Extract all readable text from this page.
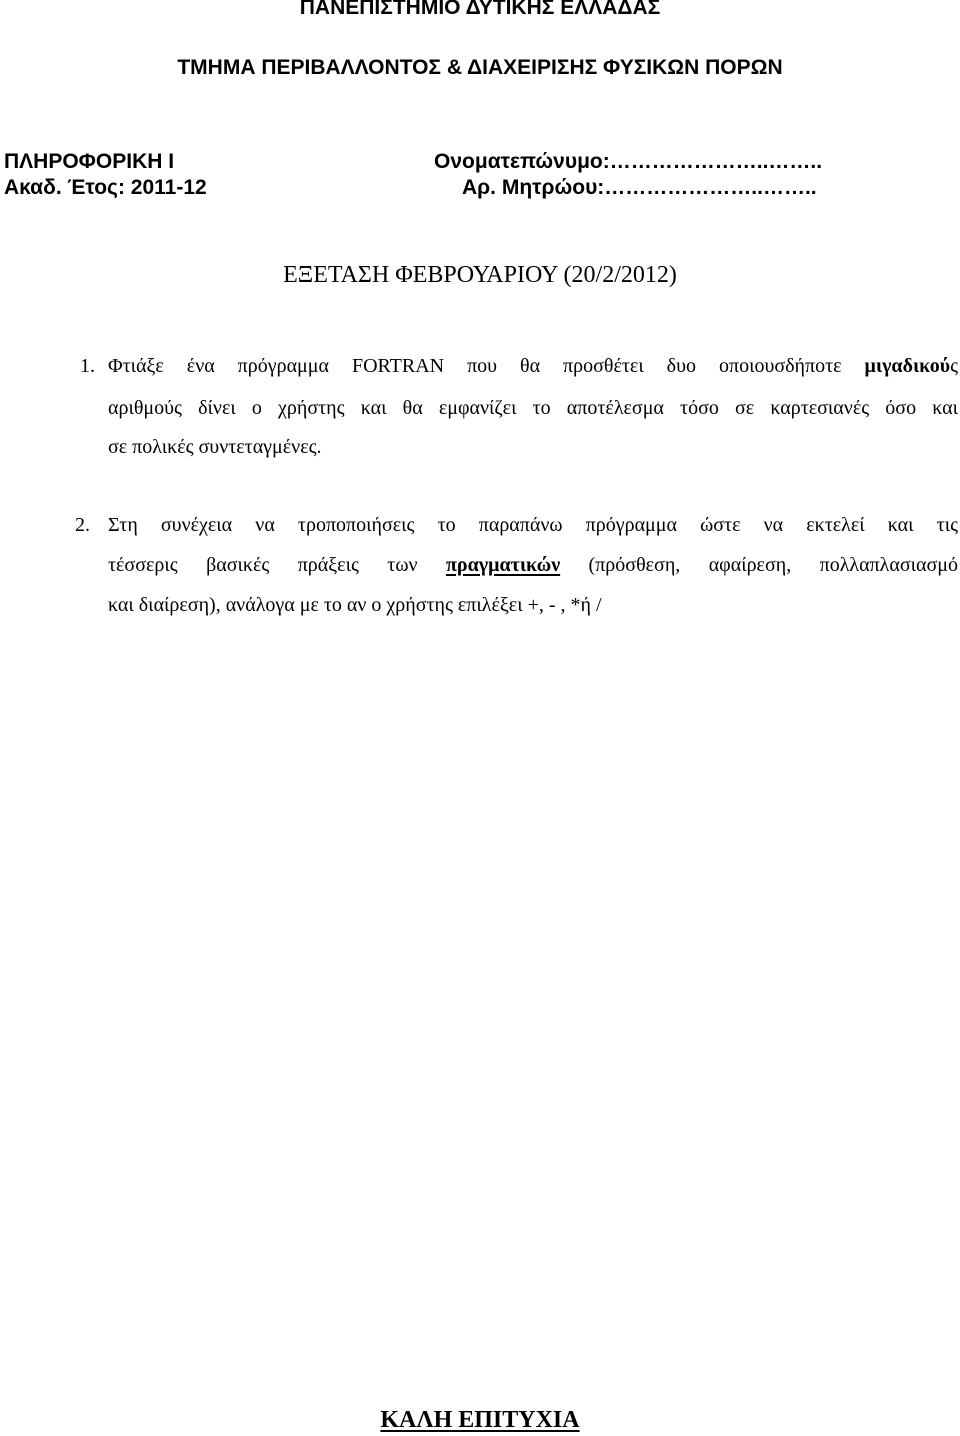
ΠΑΝΕΠΙΣΤΗΜΙΟ ΔΥΤΙΚΗΣ ΕΛΛΑΔΑΣ
ΤΜΗΜΑ ΠΕΡΙΒΑΛΛΟΝΤΟΣ & ΔΙΑΧΕΙΡΙΣΗΣ ΦΥΣΙΚΩΝ ΠΟΡΩΝ
ΠΛΗΡΟΦΟΡΙΚΗ Ι
Ακαδ. Έτος: 2011-12
Ονοματεπώνυμο:…………………..……..
Αρ. Μητρώου:…………………..……..
ΕΞΕΤΑΣΗ ΦΕΒΡΟΥΑΡΙΟΥ (20/2/2012)
1. Φτιάξε ένα πρόγραμμα FORTRAN που θα προσθέτει δυο οποιουσδήποτε μιγαδικούς
αριθμούς δίνει ο χρήστης και θα εμφανίζει το αποτέλεσμα τόσο σε καρτεσιανές όσο και
σε πολικές συντεταγμένες.
2. Στη συνέχεια να τροποποιήσεις το παραπάνω πρόγραμμα ώστε να εκτελεί και τις
τέσσερις βασικές πράξεις των πραγματικών (πρόσθεση, αφαίρεση, πολλαπλασιασμό
και διαίρεση), ανάλογα με το αν ο χρήστης επιλέξει +, - , *ή /
ΚΑΛΗ ΕΠΙΤΥΧΙΑ
